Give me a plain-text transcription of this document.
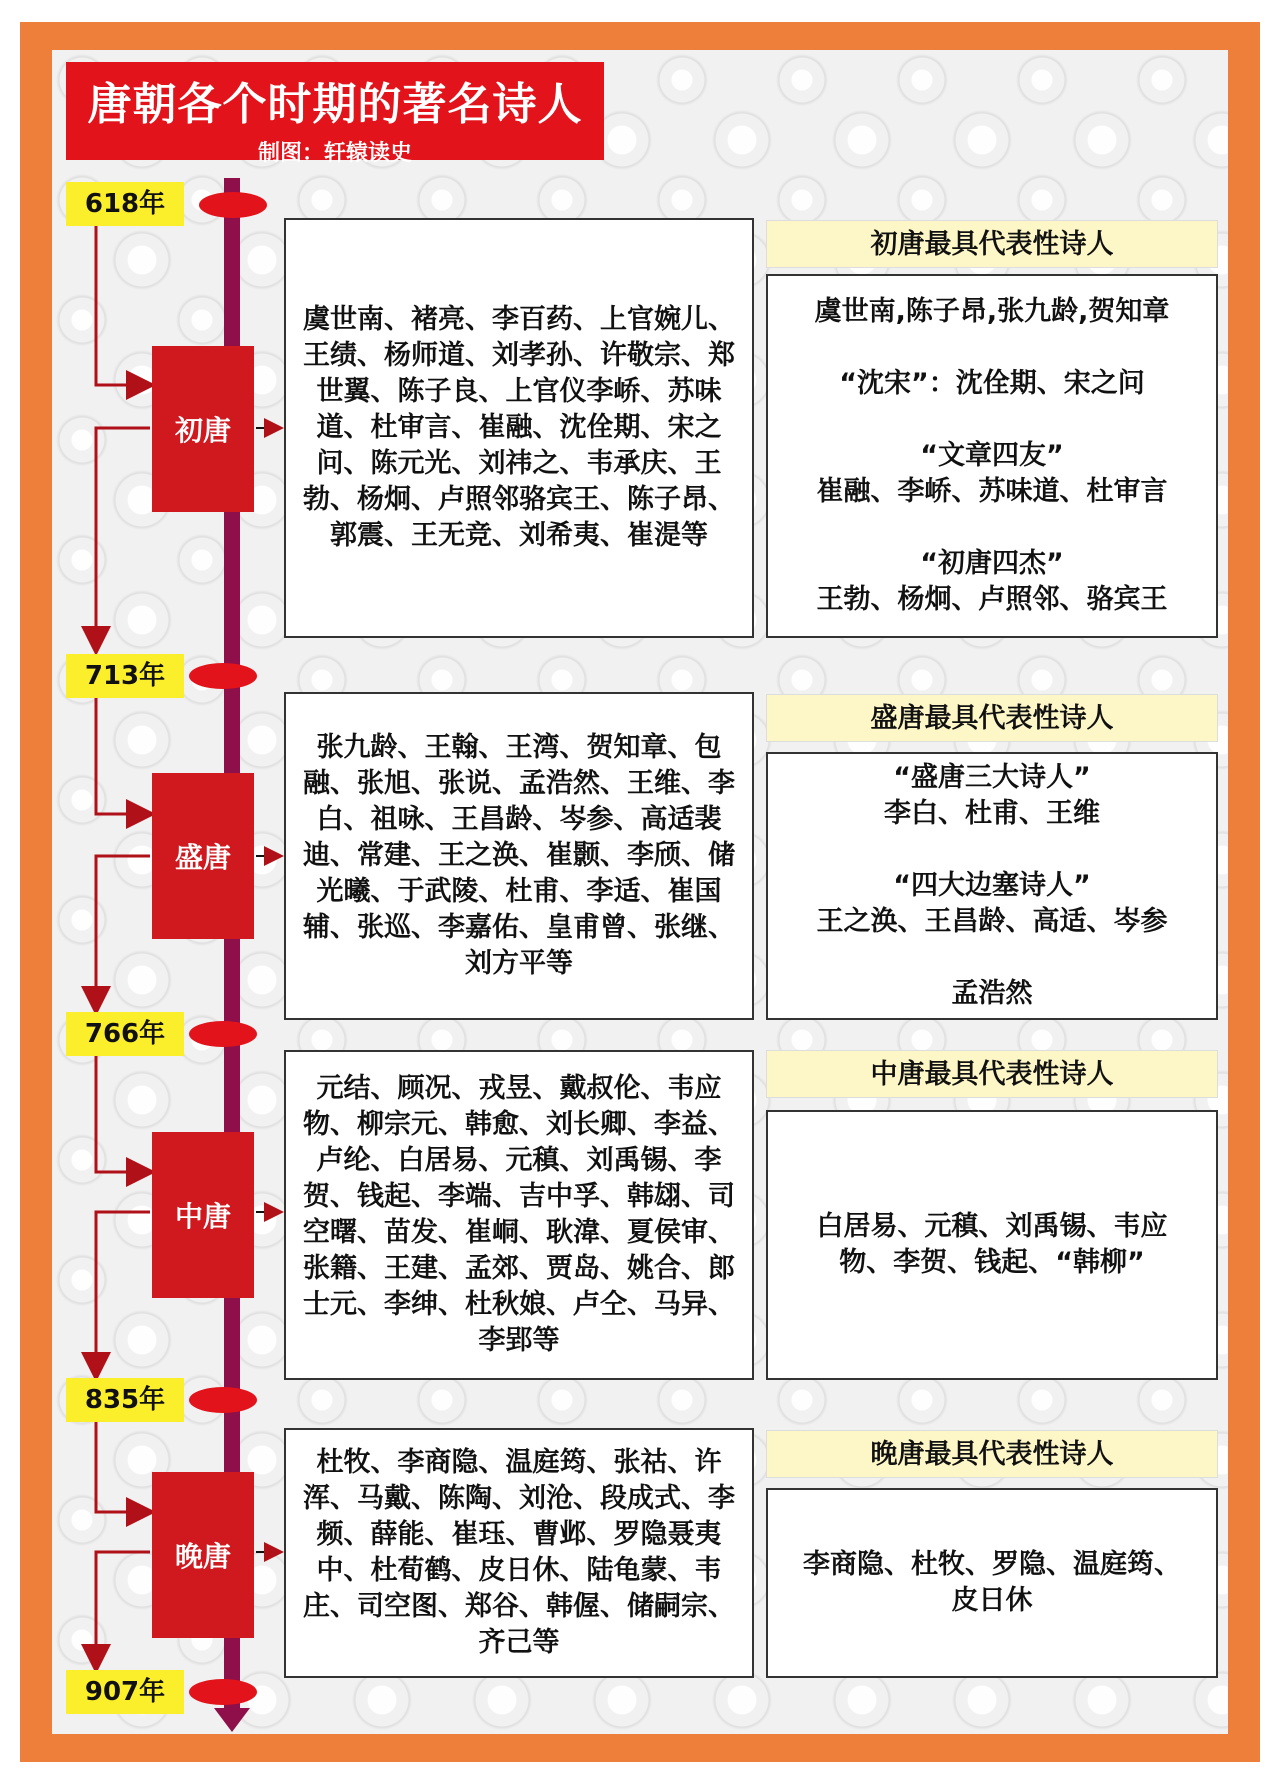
唐朝各个时期的著名诗人
制图：轩辕读史
618年
713年
766年
835年
907年
初唐
盛唐
中唐
晚唐
虞世南、褚亮、李百药、上官婉儿、王绩、杨师道、刘孝孙、许敬宗、郑世翼、陈子良、上官仪李峤、苏味道、杜审言、崔融、沈佺期、宋之问、陈元光、刘祎之、韦承庆、王勃、杨炯、卢照邻骆宾王、陈子昂、郭震、王无竞、刘希夷、崔湜等
张九龄、王翰、王湾、贺知章、包融、张旭、张说、孟浩然、王维、李白、祖咏、王昌龄、岑参、高适裴迪、常建、王之涣、崔颢、李颀、储光曦、于武陵、杜甫、李适、崔国辅、张巡、李嘉佑、皇甫曾、张继、刘方平等
元结、顾况、戎昱、戴叔伦、韦应物、柳宗元、韩愈、刘长卿、李益、卢纶、白居易、元稹、刘禹锡、李贺、钱起、李端、吉中孚、韩翃、司空曙、苗发、崔峒、耿湋、夏侯审、张籍、王建、孟郊、贾岛、姚合、郎士元、李绅、杜秋娘、卢仝、马异、李郢等
杜牧、李商隐、温庭筠、张祜、许浑、马戴、陈陶、刘沧、段成式、李频、薛能、崔珏、曹邺、罗隐聂夷中、杜荀鹤、皮日休、陆龟蒙、韦庄、司空图、郑谷、韩偓、储嗣宗、齐己等
初唐最具代表性诗人
盛唐最具代表性诗人
中唐最具代表性诗人
晚唐最具代表性诗人
虞世南,陈子昂,张九龄,贺知章
“沈宋”：沈佺期、宋之问
“文章四友”
崔融、李峤、苏味道、杜审言
“初唐四杰”
王勃、杨炯、卢照邻、骆宾王
“盛唐三大诗人”
李白、杜甫、王维
“四大边塞诗人”
王之涣、王昌龄、高适、岑参
孟浩然
白居易、元稹、刘禹锡、韦应
物、李贺、钱起、“韩柳”
李商隐、杜牧、罗隐、温庭筠、
皮日休
